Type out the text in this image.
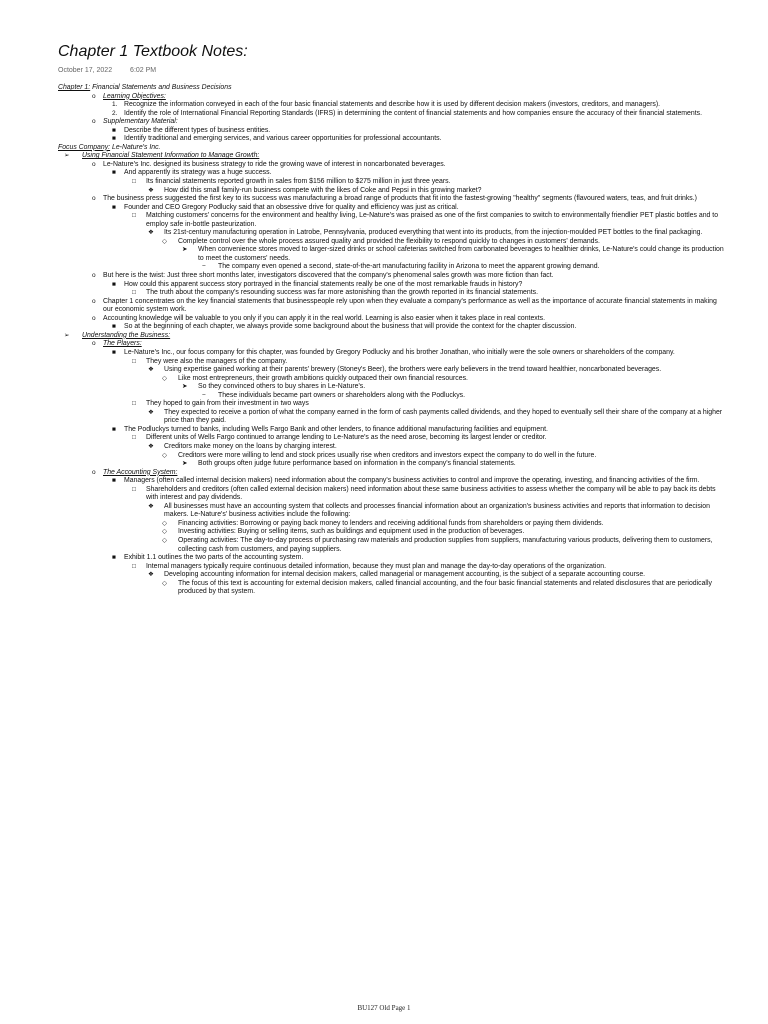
Chapter 1 Textbook Notes:
October 17, 2022	6:02 PM
Chapter 1: Financial Statements and Business Decisions
o Learning Objectives:
1. Recognize the information conveyed in each of the four basic financial statements and describe how it is used by different decision makers (investors, creditors, and managers).
2. Identify the role of International Financial Reporting Standards (IFRS) in determining the content of financial statements and how companies ensure the accuracy of their financial statements.
o Supplementary Material:
■ Describe the different types of business entities.
■ Identify traditional and emerging services, and various career opportunities for professional accountants.
Focus Company: Le-Nature's Inc.
➢ Using Financial Statement Information to Manage Growth:
o Le-Nature's Inc. designed its business strategy to ride the growing wave of interest in noncarbonated beverages.
■ And apparently its strategy was a huge success.
□ Its financial statements reported growth in sales from $156 million to $275 million in just three years.
❖ How did this small family-run business compete with the likes of Coke and Pepsi in this growing market?
o The business press suggested the first key to its success was manufacturing a broad range of products that fit into the fastest-growing "healthy" segments (flavoured waters, teas, and fruit drinks.)
■ Founder and CEO Gregory Podlucky said that an obsessive drive for quality and efficiency was just as critical.
□ Matching customers' concerns for the environment and healthy living, Le-Nature's was praised as one of the first companies to switch to environmentally friendlier PET plastic bottles and to employ safe in-bottle pasteurization.
❖ Its 21st-century manufacturing operation in Latrobe, Pennsylvania, produced everything that went into its products, from the injection-moulded PET bottles to the final packaging.
◇ Complete control over the whole process assured quality and provided the flexibility to respond quickly to changes in customers' demands.
➤ When convenience stores moved to larger-sized drinks or school cafeterias switched from carbonated beverages to healthier drinks, Le-Nature's could change its production to meet the customers' needs.
− The company even opened a second, state-of-the-art manufacturing facility in Arizona to meet the apparent growing demand.
o But here is the twist: Just three short months later, investigators discovered that the company's phenomenal sales growth was more fiction than fact.
■ How could this apparent success story portrayed in the financial statements really be one of the most remarkable frauds in history?
□ The truth about the company's resounding success was far more astonishing than the growth reported in its financial statements.
o Chapter 1 concentrates on the key financial statements that businesspeople rely upon when they evaluate a company's performance as well as the importance of accurate financial statements in making our economic system work.
o Accounting knowledge will be valuable to you only if you can apply it in the real world. Learning is also easier when it takes place in real contexts.
■ So at the beginning of each chapter, we always provide some background about the business that will provide the context for the chapter discussion.
➢ Understanding the Business:
o The Players:
■ Le-Nature's Inc., our focus company for this chapter, was founded by Gregory Podlucky and his brother Jonathan, who initially were the sole owners or shareholders of the company.
□ They were also the managers of the company.
❖ Using expertise gained working at their parents' brewery (Stoney's Beer), the brothers were early believers in the trend toward healthier, noncarbonated beverages.
◇ Like most entrepreneurs, their growth ambitions quickly outpaced their own financial resources.
➤ So they convinced others to buy shares in Le-Nature's.
− These individuals became part owners or shareholders along with the Podluckys.
□ They hoped to gain from their investment in two ways
❖ They expected to receive a portion of what the company earned in the form of cash payments called dividends, and they hoped to eventually sell their share of the company at a higher price than they paid.
■ The Podluckys turned to banks, including Wells Fargo Bank and other lenders, to finance additional manufacturing facilities and equipment.
□ Different units of Wells Fargo continued to arrange lending to Le-Nature's as the need arose, becoming its largest lender or creditor.
❖ Creditors make money on the loans by charging interest.
◇ Creditors were more willing to lend and stock prices usually rise when creditors and investors expect the company to do well in the future.
➤ Both groups often judge future performance based on information in the company's financial statements.
o The Accounting System:
■ Managers (often called internal decision makers) need information about the company's business activities to control and improve the operating, investing, and financing activities of the firm.
□ Shareholders and creditors (often called external decision makers) need information about these same business activities to assess whether the company will be able to pay back its debts with interest and pay dividends.
❖ All businesses must have an accounting system that collects and processes financial information about an organization's business activities and reports that information to decision makers. Le-Nature's' business activities include the following:
◇ Financing activities: Borrowing or paying back money to lenders and receiving additional funds from shareholders or paying them dividends.
◇ Investing activities: Buying or selling items, such as buildings and equipment used in the production of beverages.
◇ Operating activities: The day-to-day process of purchasing raw materials and production supplies from suppliers, manufacturing various products, delivering them to customers, collecting cash from customers, and paying suppliers.
■ Exhibit 1.1 outlines the two parts of the accounting system.
□ Internal managers typically require continuous detailed information, because they must plan and manage the day-to-day operations of the organization.
❖ Developing accounting information for internal decision makers, called managerial or management accounting, is the subject of a separate accounting course.
◇ The focus of this text is accounting for external decision makers, called financial accounting, and the four basic financial statements and related disclosures that are periodically produced by that system.
BU127 Old Page 1
